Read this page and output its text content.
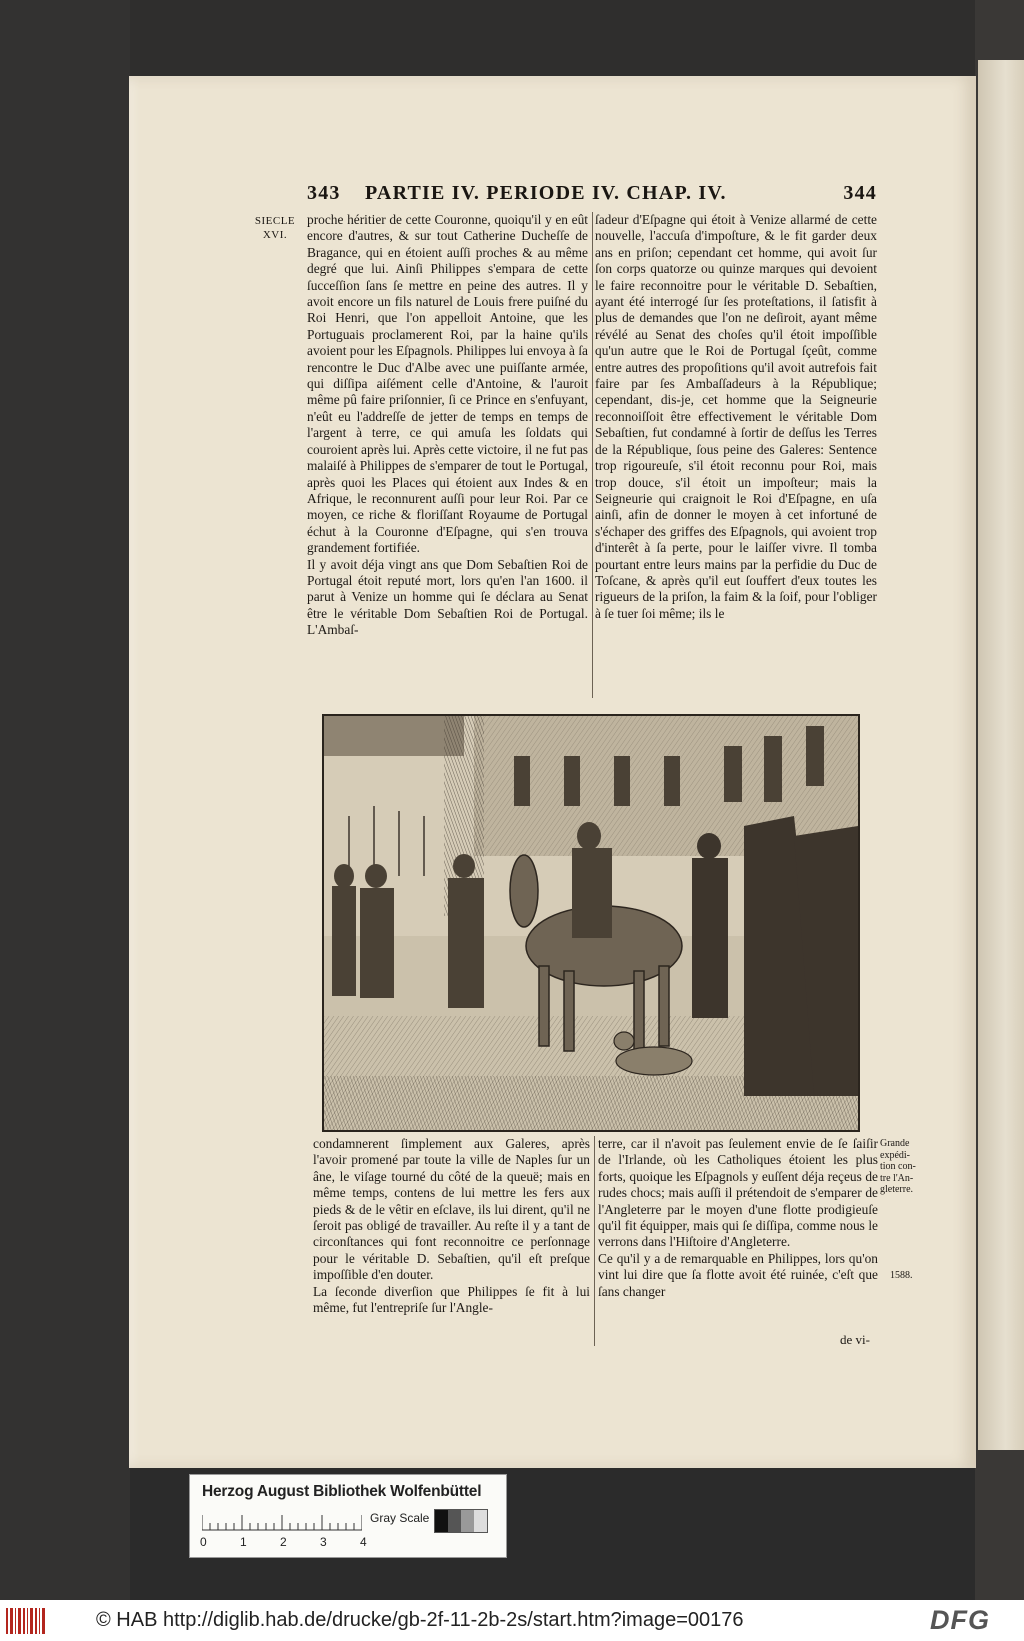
343 PARTIE IV. PERIODE IV. CHAP. IV.	344
SIECLE
XVI.

proche héritier de cette Couronne, quoiqu'il y en eût encore d'autres, & sur tout Catherine Ducheſſe de Bragance, qui en étoient auſſi proches & au même degré que lui. Ainſi Philippes s'empara de cette ſucceſſion ſans ſe mettre en peine des autres. Il y avoit encore un fils naturel de Louis frere puiſné du Roi Henri, que l'on appelloit Antoine, que les Portuguais proclamerent Roi, par la haine qu'ils avoient pour les Eſpagnols. Philippes lui envoya à ſa rencontre le Duc d'Albe avec une puiſſante armée, qui diſſipa aiſément celle d'Antoine, & l'auroit même pû faire priſonnier, ſi ce Prince en s'enfuyant, n'eût eu l'addreſſe de jetter de temps en temps de l'argent à terre, ce qui amuſa les ſoldats qui couroient après lui. Après cette victoire, il ne fut pas malaiſé à Philippes de s'emparer de tout le Portugal, après quoi les Places qui étoient aux Indes & en Afrique, le reconnurent auſſi pour leur Roi. Par ce moyen, ce riche & floriſſant Royaume de Portugal échut à la Couronne d'Eſpagne, qui s'en trouva grandement fortifiée.
Il y avoit déja vingt ans que Dom Sebaſtien Roi de Portugal étoit reputé mort, lors qu'en l'an 1600. il parut à Venize un homme qui ſe déclara au Senat être le véritable Dom Sebaſtien Roi de Portugal. L'Ambaſ-

ſadeur d'Eſpagne qui étoit à Venize allarmé de cette nouvelle, l'accuſa d'impoſture, & le fit garder deux ans en priſon; cependant cet homme, qui avoit ſur ſon corps quatorze ou quinze marques qui devoient le faire reconnoitre pour le véritable D. Sebaſtien, ayant été interrogé ſur ſes proteſtations, il ſatisfit à plus de demandes que l'on ne deſiroit, ayant même révélé au Senat des choſes qu'il étoit impoſſible qu'un autre que le Roi de Portugal ſçeût, comme entre autres des propoſitions qu'il avoit autrefois fait faire par ſes Ambaſſadeurs à la République; cependant, dis-je, cet homme que la Seigneurie reconnoiſſoit être effectivement le véritable Dom Sebaſtien, fut condamné à ſortir de deſſus les Terres de la République, ſous peine des Galeres: Sentence trop rigoureuſe, s'il étoit reconnu pour Roi, mais trop douce, s'il étoit un impoſteur; mais la Seigneurie qui craignoit le Roi d'Eſpagne, en uſa ainſi, afin de donner le moyen à cet infortuné de s'échaper des griffes des Eſpagnols, qui avoient trop d'interêt à ſa perte, pour le laiſſer vivre. Il tomba pourtant entre leurs mains par la perfidie du Duc de Toſcane, & après qu'il eut ſouffert d'eux toutes les rigueurs de la priſon, la faim & la ſoif, pour l'obliger à ſe tuer ſoi même; ils le

condamnerent ſimplement aux Galeres, après l'avoir promené par toute la ville de Naples ſur un âne, le viſage tourné du côté de la queuë; mais en même temps, contens de lui mettre les fers aux pieds & de le vêtir en eſclave, ils lui dirent, qu'il ne ſeroit pas obligé de travailler. Au reſte il y a tant de circonſtances qui font reconnoitre ce perſonnage pour le véritable D. Sebaſtien, qu'il eſt preſque impoſſible d'en douter.
La ſeconde diverſion que Philippes ſe fit à lui même, fut l'entrepriſe ſur l'Angle-

terre, car il n'avoit pas ſeulement envie de ſe ſaiſir de l'Irlande, où les Catholiques étoient les plus forts, quoique les Eſpagnols y euſſent déja reçeus de rudes chocs; mais auſſi il prétendoit de s'emparer de l'Angleterre par le moyen d'une flotte prodigieuſe qu'il fit équipper, mais qui ſe diſſipa, comme nous le verrons dans l'Hiſtoire d'Angleterre.
Ce qu'il y a de remarquable en Philippes, lors qu'on vint lui dire que ſa flotte avoit été ruinée, c'eſt que ſans changer

Grande
expédi-
tion con-
tre l'An-
gleterre.
1588.
de vi-
Herzog August Bibliothek Wolfenbüttel
Gray Scale
0	1	2	3	4
© HAB http://diglib.hab.de/drucke/gb-2f-11-2b-2s/start.htm?image=00176	DFG
